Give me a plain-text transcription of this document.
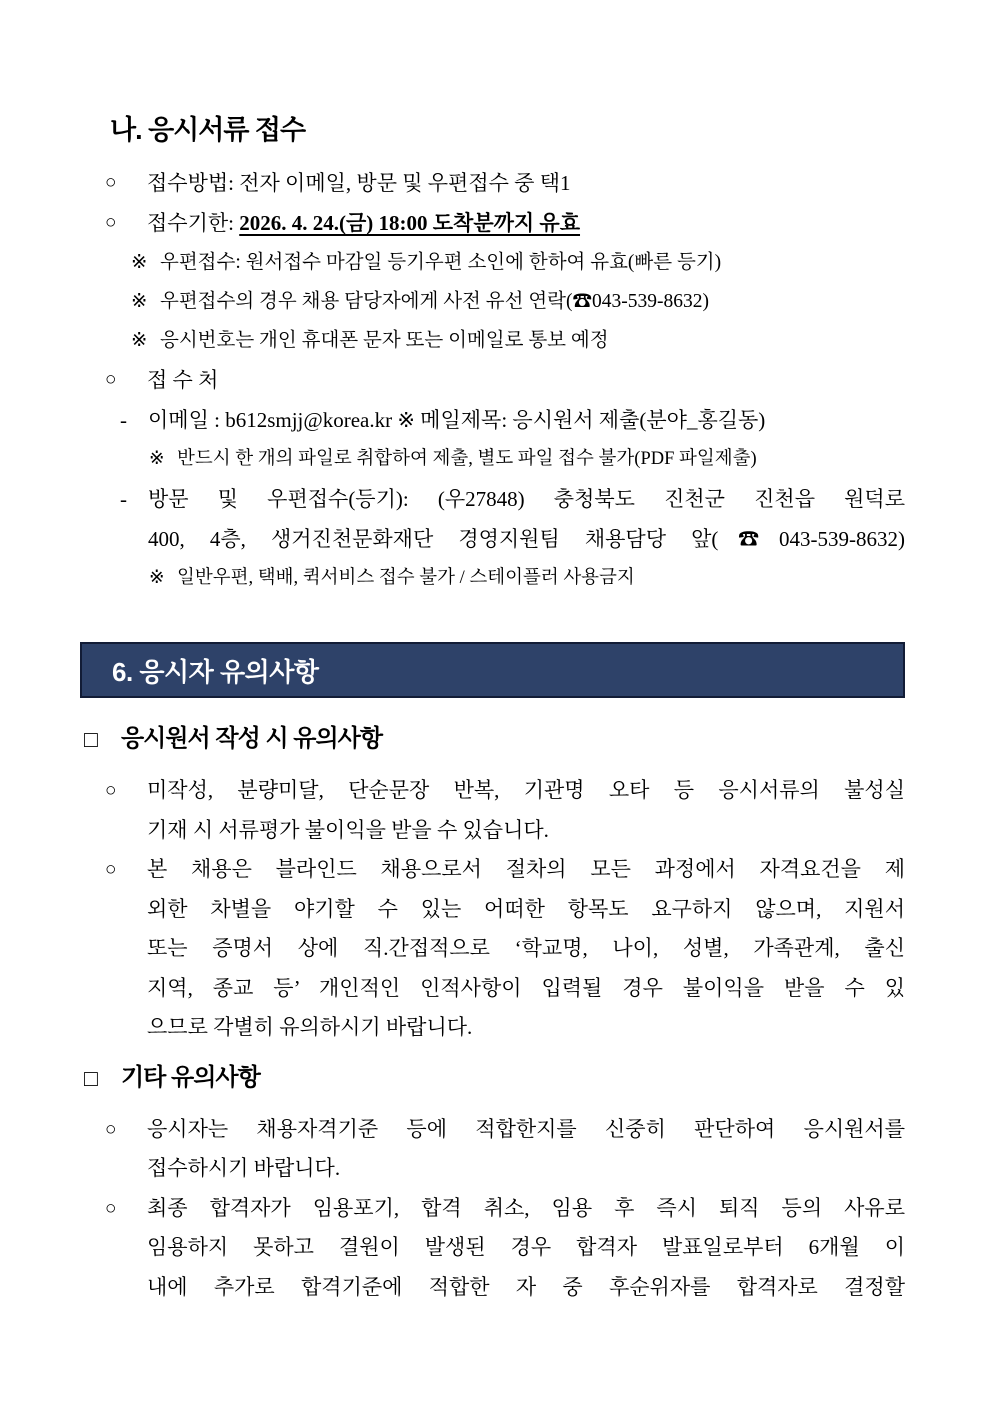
나. 응시서류 접수
○	접수방법: 전자 이메일, 방문 및 우편접수 중 택1
○	접수기한: 2026. 4. 24.(금) 18:00 도착분까지 유효
※ 우편접수: 원서접수 마감일 등기우편 소인에 한하여 유효(빠른 등기)
※ 우편접수의 경우 채용 담당자에게 사전 유선 연락(☎043-539-8632)
※ 응시번호는 개인 휴대폰 문자 또는 이메일로 통보 예정
○	접 수 처
-	이메일 : b612smjj@korea.kr ※ 메일제목: 응시원서 제출(분야_홍길동)
※ 반드시 한 개의 파일로 취합하여 제출, 별도 파일 접수 불가(PDF 파일제출)
-	방문 및 우편접수(등기): (우27848) 충청북도 진천군 진천읍 원덕로
400, 4층, 생거진천문화재단 경영지원팀 채용담당 앞(☎043-539-8632)
※ 일반우편, 택배, 퀵서비스 접수 불가 / 스테이플러 사용금지
6. 응시자 유의사항
□	응시원서 작성 시 유의사항
○	미작성, 분량미달, 단순문장 반복, 기관명 오타 등 응시서류의 불성실
기재 시 서류평가 불이익을 받을 수 있습니다.
○	본 채용은 블라인드 채용으로서 절차의 모든 과정에서 자격요건을 제
외한 차별을 야기할 수 있는 어떠한 항목도 요구하지 않으며, 지원서
또는 증명서 상에 직.간접적으로 ‘학교명, 나이, 성별, 가족관계, 출신
지역, 종교 등’ 개인적인 인적사항이 입력될 경우 불이익을 받을 수 있
으므로 각별히 유의하시기 바랍니다.
□	기타 유의사항
○	응시자는 채용자격기준 등에 적합한지를 신중히 판단하여 응시원서를
접수하시기 바랍니다.
○	최종 합격자가 임용포기, 합격 취소, 임용 후 즉시 퇴직 등의 사유로
임용하지 못하고 결원이 발생된 경우 합격자 발표일로부터 6개월 이
내에 추가로 합격기준에 적합한 자 중 후순위자를 합격자로 결정할
